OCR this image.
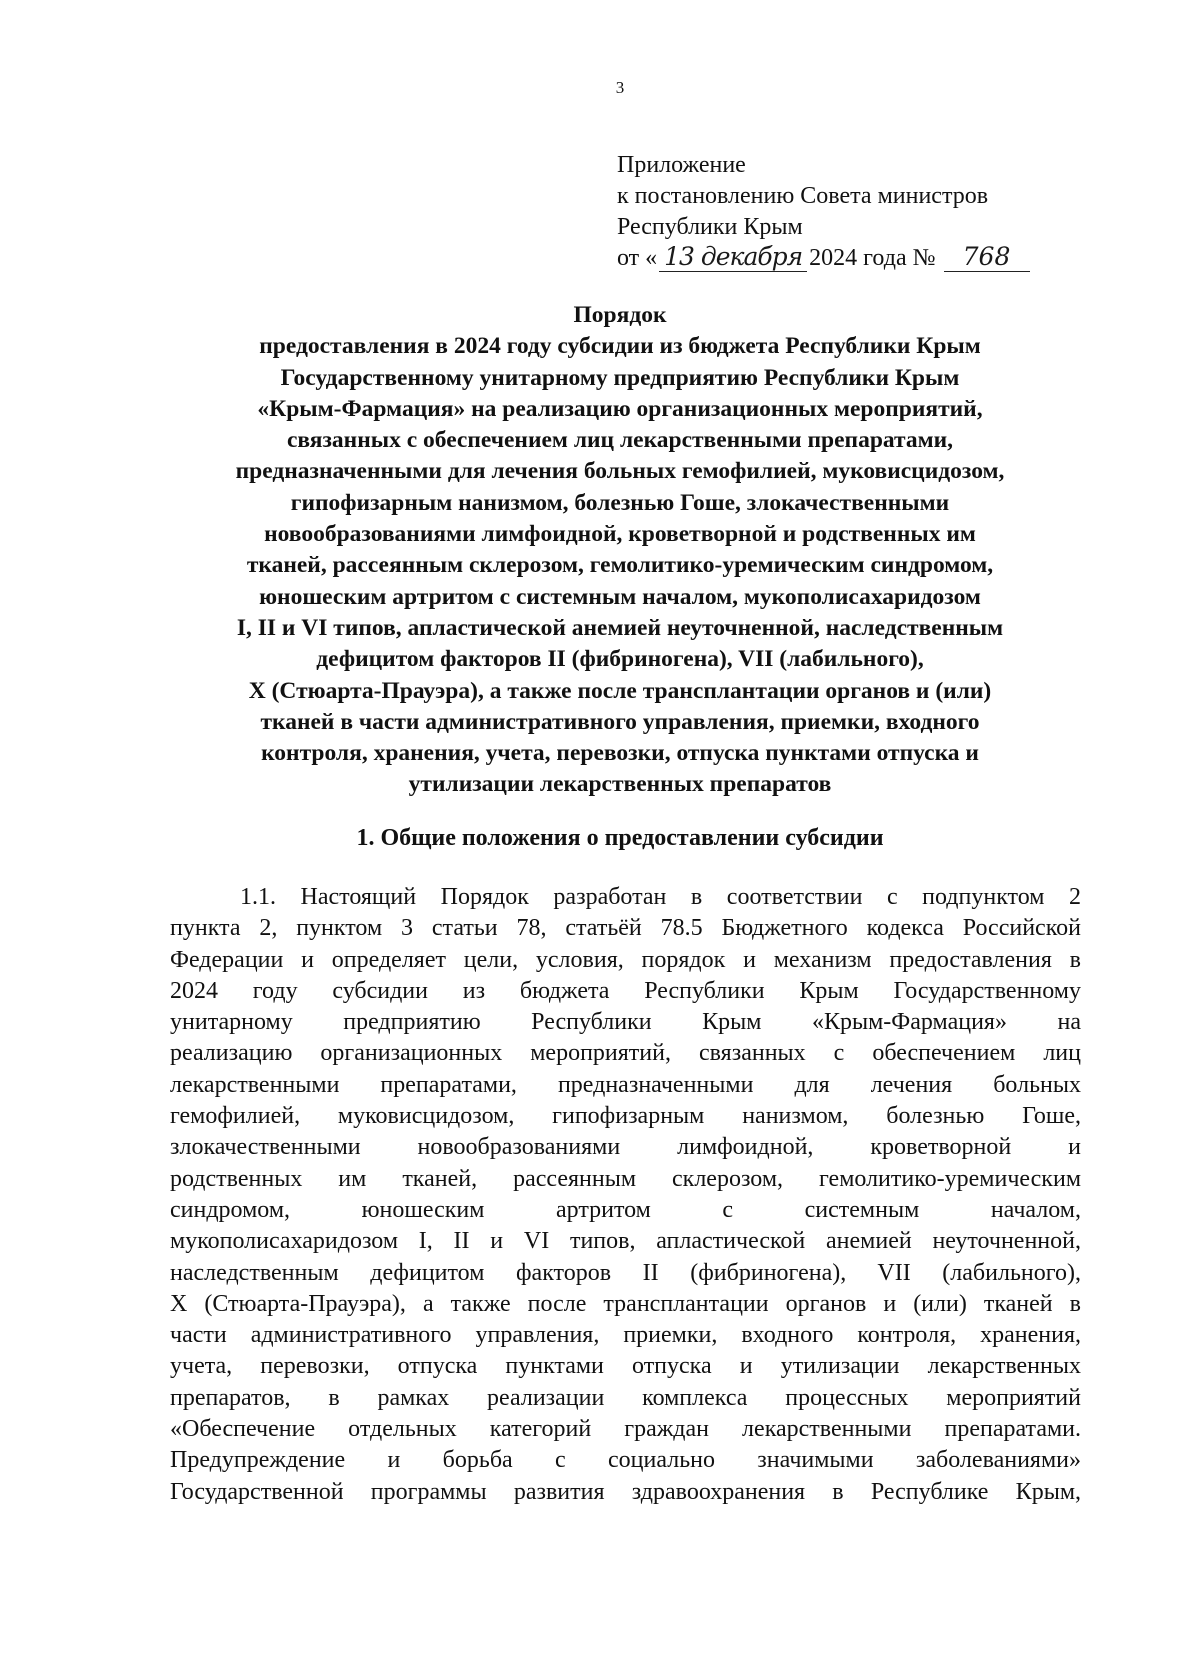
3
Приложение
к постановлению Совета министров
Республики Крым
от « 13 декабря 2024 года №	768
Порядок
предоставления в 2024 году субсидии из бюджета Республики Крым
Государственному унитарному предприятию Республики Крым
«Крым-Фармация» на реализацию организационных мероприятий,
связанных с обеспечением лиц лекарственными препаратами,
предназначенными для лечения больных гемофилией, муковисцидозом,
гипофизарным нанизмом, болезнью Гоше, злокачественными
новообразованиями лимфоидной, кроветворной и родственных им
тканей, рассеянным склерозом, гемолитико-уремическим синдромом,
юношеским артритом с системным началом, мукополисахаридозом
I, II и VI типов, апластической анемией неуточненной, наследственным
дефицитом факторов II (фибриногена), VII (лабильного),
X (Стюарта-Прауэра), а также после трансплантации органов и (или)
тканей в части административного управления, приемки, входного
контроля, хранения, учета, перевозки, отпуска пунктами отпуска и
утилизации лекарственных препаратов
1. Общие положения о предоставлении субсидии
1.1. Настоящий Порядок разработан в соответствии с подпунктом 2
пункта 2, пунктом 3 статьи 78, статьёй 78.5 Бюджетного кодекса Российской
Федерации и определяет цели, условия, порядок и механизм предоставления в
2024 году субсидии из бюджета Республики Крым Государственному
унитарному предприятию Республики Крым «Крым-Фармация» на
реализацию организационных мероприятий, связанных с обеспечением лиц
лекарственными препаратами, предназначенными для лечения больных
гемофилией, муковисцидозом, гипофизарным нанизмом, болезнью Гоше,
злокачественными новообразованиями лимфоидной, кроветворной и
родственных им тканей, рассеянным склерозом, гемолитико-уремическим
синдромом, юношеским артритом с системным началом,
мукополисахаридозом I, II и VI типов, апластической анемией неуточненной,
наследственным дефицитом факторов II (фибриногена), VII (лабильного),
X (Стюарта-Прауэра), а также после трансплантации органов и (или) тканей в
части административного управления, приемки, входного контроля, хранения,
учета, перевозки, отпуска пунктами отпуска и утилизации лекарственных
препаратов, в рамках реализации комплекса процессных мероприятий
«Обеспечение отдельных категорий граждан лекарственными препаратами.
Предупреждение и борьба с социально значимыми заболеваниями»
Государственной программы развития здравоохранения в Республике Крым,
